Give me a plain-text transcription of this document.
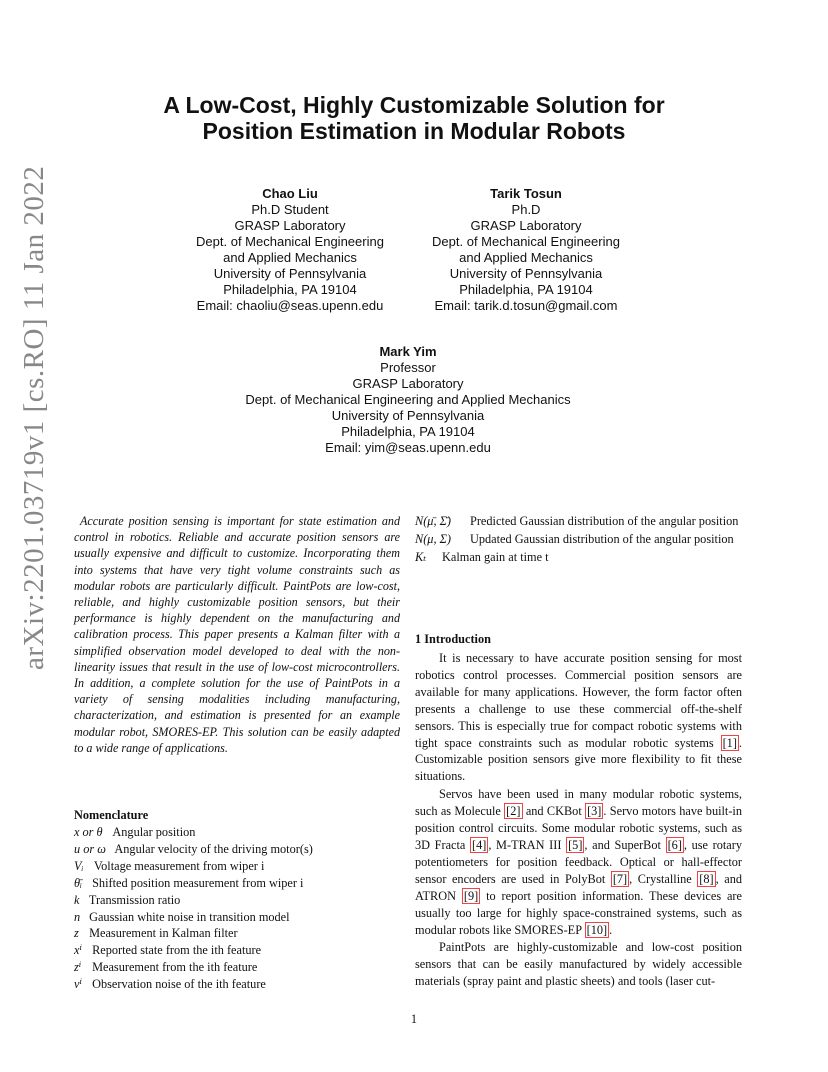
A Low-Cost, Highly Customizable Solution for
Position Estimation in Modular Robots
Chao Liu
Ph.D Student
GRASP Laboratory
Dept. of Mechanical Engineering
and Applied Mechanics
University of Pennsylvania
Philadelphia, PA 19104
Email: chaoliu@seas.upenn.edu
Tarik Tosun
Ph.D
GRASP Laboratory
Dept. of Mechanical Engineering
and Applied Mechanics
University of Pennsylvania
Philadelphia, PA 19104
Email: tarik.d.tosun@gmail.com
Mark Yim
Professor
GRASP Laboratory
Dept. of Mechanical Engineering and Applied Mechanics
University of Pennsylvania
Philadelphia, PA 19104
Email: yim@seas.upenn.edu
arXiv:2201.03719v1 [cs.RO] 11 Jan 2022	Accurate position sensing is important for state estimation and control in robotics. Reliable and accurate position sensors are usually expensive and difficult to customize. Incorporating them into systems that have very tight volume constraints such as modular robots are particularly difficult. PaintPots are low-cost, reliable, and highly customizable position sensors, but their performance is highly dependent on the manufacturing and calibration process. This paper presents a Kalman filter with a simplified observation model developed to deal with the non-linearity issues that result in the use of low-cost microcontrollers. In addition, a complete solution for the use of PaintPots in a variety of sensing modalities including manufacturing, characterization, and estimation is presented for an example modular robot, SMORES-EP. This solution can be easily adapted to a wide range of applications.
Nomenclature
x or θ Angular position
u or ω Angular velocity of the driving motor(s)
Vᵢ Voltage measurement from wiper i
θ̄ᵢ Shifted position measurement from wiper i
k Transmission ratio
n Gaussian white noise in transition model
z Measurement in Kalman filter
xⁱ Reported state from the ith feature
zⁱ Measurement from the ith feature
vⁱ Observation noise of the ith feature
N(μ̄, Σ̄)	Predicted Gaussian distribution of the angular position
N(μ, Σ)	Updated Gaussian distribution of the angular position
Kₜ	Kalman gain at time t
1 Introduction

It is necessary to have accurate position sensing for most robotics control processes. Commercial position sensors are available for many applications. However, the form factor often presents a challenge to use these commercial off-the-shelf sensors. This is especially true for compact robotic systems with tight space constraints such as modular robotic systems [1] . Customizable position sensors give more flexibility to fit these situations.

Servos have been used in many modular robotic systems, such as Molecule [2] and CKBot [3] . Servo motors have built-in position control circuits. Some modular robotic systems, such as 3D Fracta [4] , M-TRAN III [5] , and SuperBot [6] , use rotary potentiometers for position feedback. Optical or hall-effector sensor encoders are used in PolyBot [7] , Crystalline [8] , and ATRON [9] to report position information. These devices are usually too large for highly space-constrained systems, such as modular robots like SMORES-EP [10] .

PaintPots are highly-customizable and low-cost position sensors that can be easily manufactured by widely accessible materials (spray paint and plastic sheets) and tools (laser cut-

1
